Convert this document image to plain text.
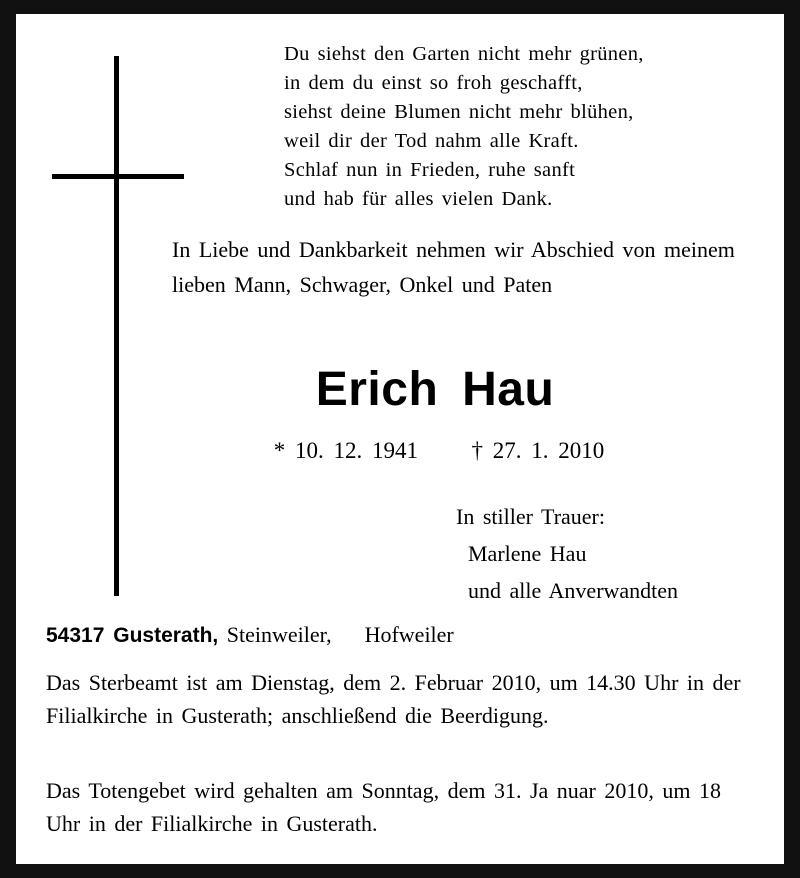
Du siehst den Garten nicht mehr grünen,
in dem du einst so froh geschafft,
siehst deine Blumen nicht mehr blühen,
weil dir der Tod nahm alle Kraft.
Schlaf nun in Frieden, ruhe sanft
und hab für alles vielen Dank.
In Liebe und Dankbarkeit nehmen wir Abschied von meinem lieben Mann, Schwager, Onkel und Paten
Erich Hau
* 10. 12. 1941 † 27. 1. 2010
In stiller Trauer:
Marlene Hau
und alle Anverwandten
54317 Gusterath, Steinweiler, Hofweiler
Das Sterbeamt ist am Dienstag, dem 2. Februar 2010, um 14.30 Uhr in der Filialkirche in Gusterath; anschließend die Beerdigung.
Das Totengebet wird gehalten am Sonntag, dem 31. Ja nuar 2010, um 18 Uhr in der Filialkirche in Gusterath.
